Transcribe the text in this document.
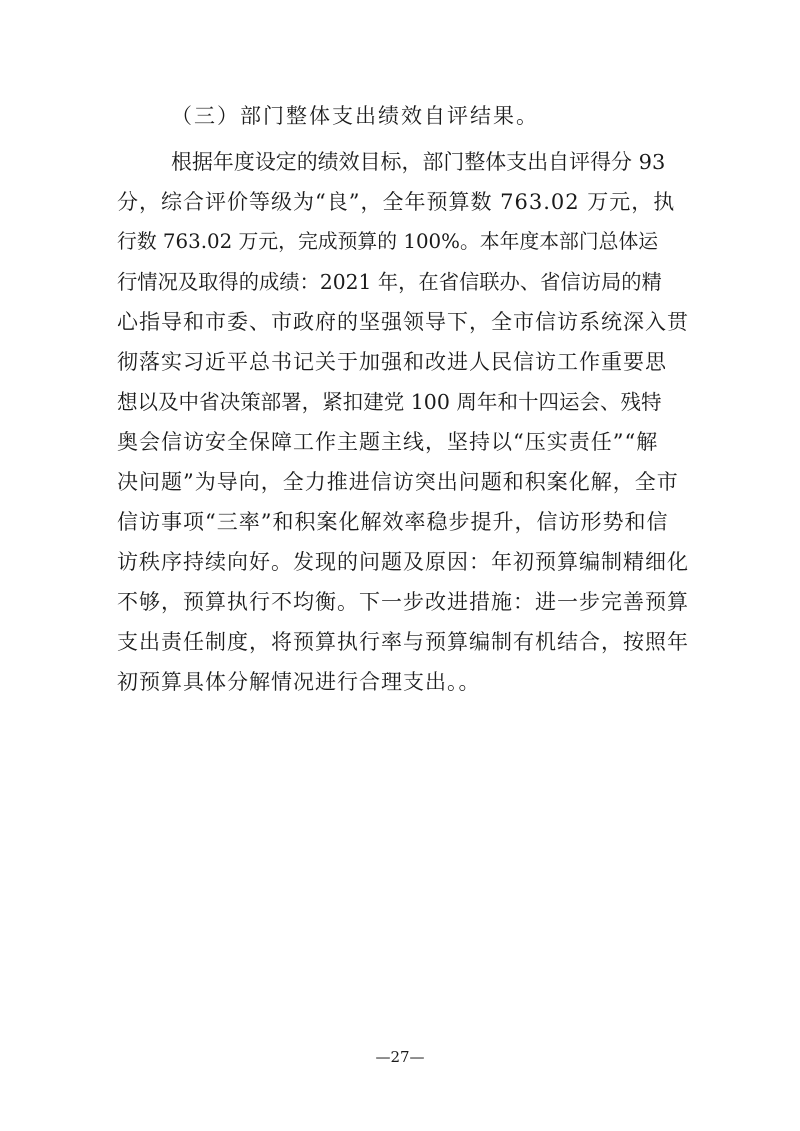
（三）部门整体支出绩效自评结果。
根据年度设定的绩效目标，部门整体支出自评得分 93
分，综合评价等级为“良”，全年预算数 763.02 万元，执
行数 763.02 万元，完成预算的 100%。本年度本部门总体运
行情况及取得的成绩：2021 年，在省信联办、省信访局的精
心指导和市委、市政府的坚强领导下，全市信访系统深入贯
彻落实习近平总书记关于加强和改进人民信访工作重要思
想以及中省决策部署，紧扣建党 100 周年和十四运会、残特
奥会信访安全保障工作主题主线，坚持以“压实责任”“解
决问题”为导向，全力推进信访突出问题和积案化解，全市
信访事项“三率”和积案化解效率稳步提升，信访形势和信
访秩序持续向好。发现的问题及原因：年初预算编制精细化
不够，预算执行不均衡。下一步改进措施：进一步完善预算
支出责任制度，将预算执行率与预算编制有机结合，按照年
初预算具体分解情况进行合理支出。。
—27—
